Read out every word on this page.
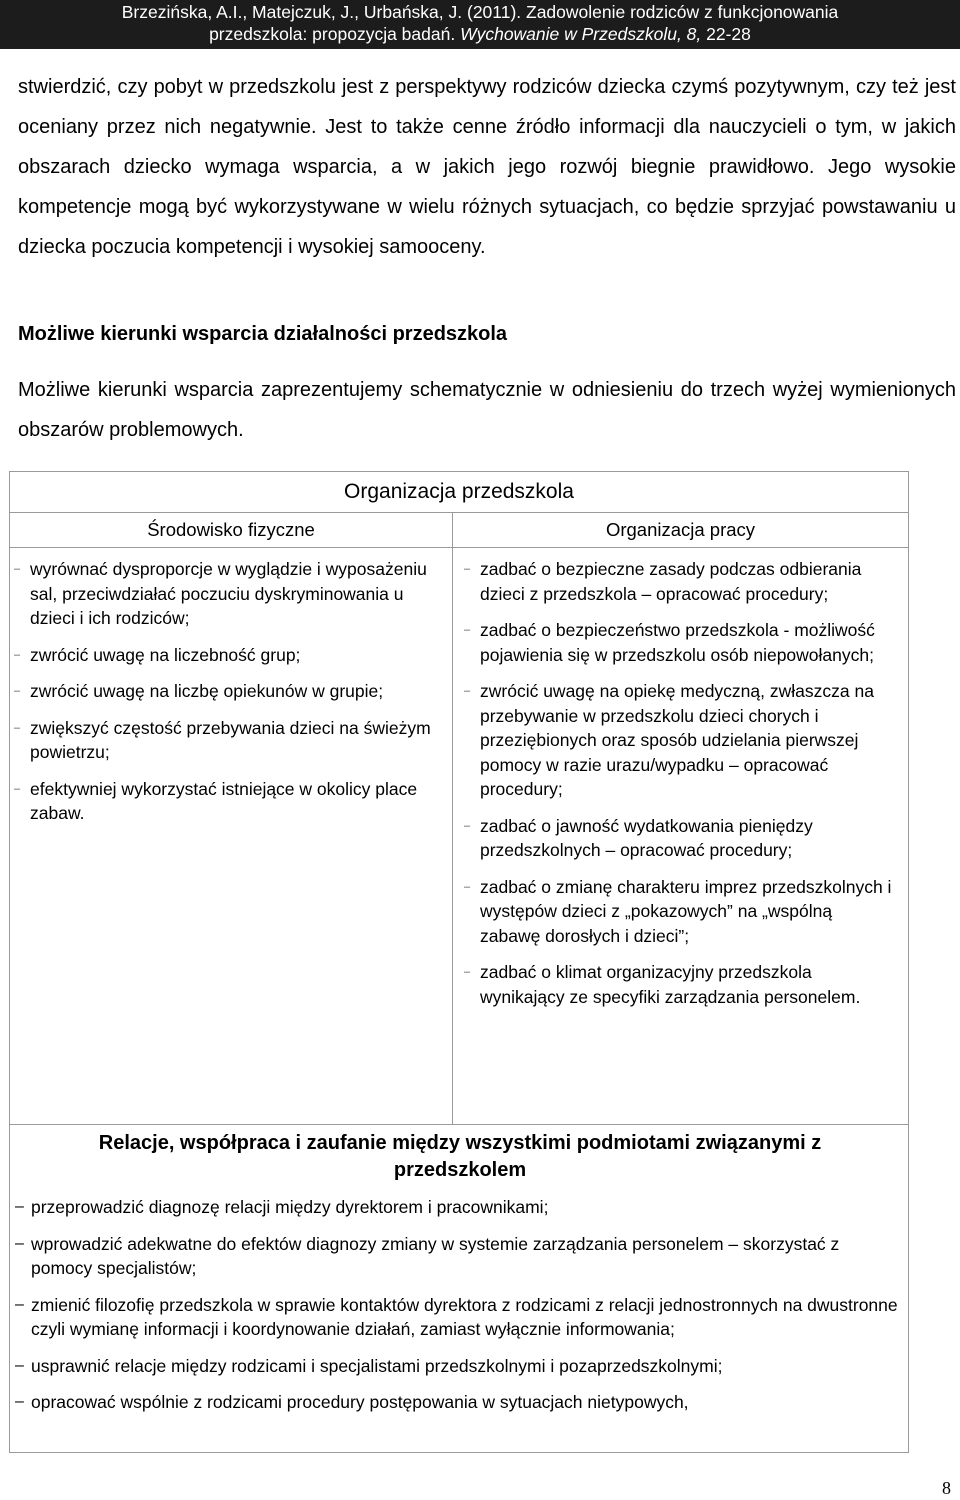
Brzezińska, A.I., Matejczuk, J., Urbańska, J. (2011). Zadowolenie rodziców z funkcjonowania
przedszkola: propozycja badań. Wychowanie w Przedszkolu, 8, 22-28
stwierdzić, czy pobyt w przedszkolu jest z perspektywy rodziców dziecka czymś pozytywnym, czy też jest oceniany przez nich negatywnie. Jest to także cenne źródło informacji dla nauczycieli o tym, w jakich obszarach dziecko wymaga wsparcia, a w jakich jego rozwój biegnie prawidłowo. Jego wysokie kompetencje mogą być wykorzystywane w wielu różnych sytuacjach, co będzie sprzyjać powstawaniu u dziecka poczucia kompetencji i wysokiej samooceny.
Możliwe kierunki wsparcia działalności przedszkola
Możliwe kierunki wsparcia zaprezentujemy schematycznie w odniesieniu do trzech wyżej wymienionych obszarów problemowych.
Organizacja przedszkola
Środowisko fizyczne	Organizacja pracy
– wyrównać dysproporcje w wyglądzie i wyposażeniu sal, przeciwdziałać poczuciu dyskryminowania u dzieci i ich rodziców;
– zwrócić uwagę na liczebność grup;
– zwrócić uwagę na liczbę opiekunów w grupie;
– zwiększyć częstość przebywania dzieci na świeżym powietrzu;
– efektywniej wykorzystać istniejące w okolicy place zabaw.
– zadbać o bezpieczne zasady podczas odbierania dzieci z przedszkola – opracować procedury;
– zadbać o bezpieczeństwo przedszkola - możliwość pojawienia się w przedszkolu osób niepowołanych;
– zwrócić uwagę na opiekę medyczną, zwłaszcza na przebywanie w przedszkolu dzieci chorych i przeziębionych oraz sposób udzielania pierwszej pomocy w razie urazu/wypadku – opracować procedury;
– zadbać o jawność wydatkowania pieniędzy przedszkolnych – opracować procedury;
– zadbać o zmianę charakteru imprez przedszkolnych i występów dzieci z „pokazowych” na „wspólną zabawę dorosłych i dzieci”;
– zadbać o klimat organizacyjny przedszkola wynikający ze specyfiki zarządzania personelem.
Relacje, współpraca i zaufanie między wszystkimi podmiotami związanymi z przedszkolem
– przeprowadzić diagnozę relacji między dyrektorem i pracownikami;
– wprowadzić adekwatne do efektów diagnozy zmiany w systemie zarządzania personelem – skorzystać z pomocy specjalistów;
– zmienić filozofię przedszkola w sprawie kontaktów dyrektora z rodzicami z relacji jednostronnych na dwustronne czyli wymianę informacji i koordynowanie działań, zamiast wyłącznie informowania;
– usprawnić relacje między rodzicami i specjalistami przedszkolnymi i pozaprzedszkolnymi;
– opracować wspólnie z rodzicami procedury postępowania w sytuacjach nietypowych,
8
